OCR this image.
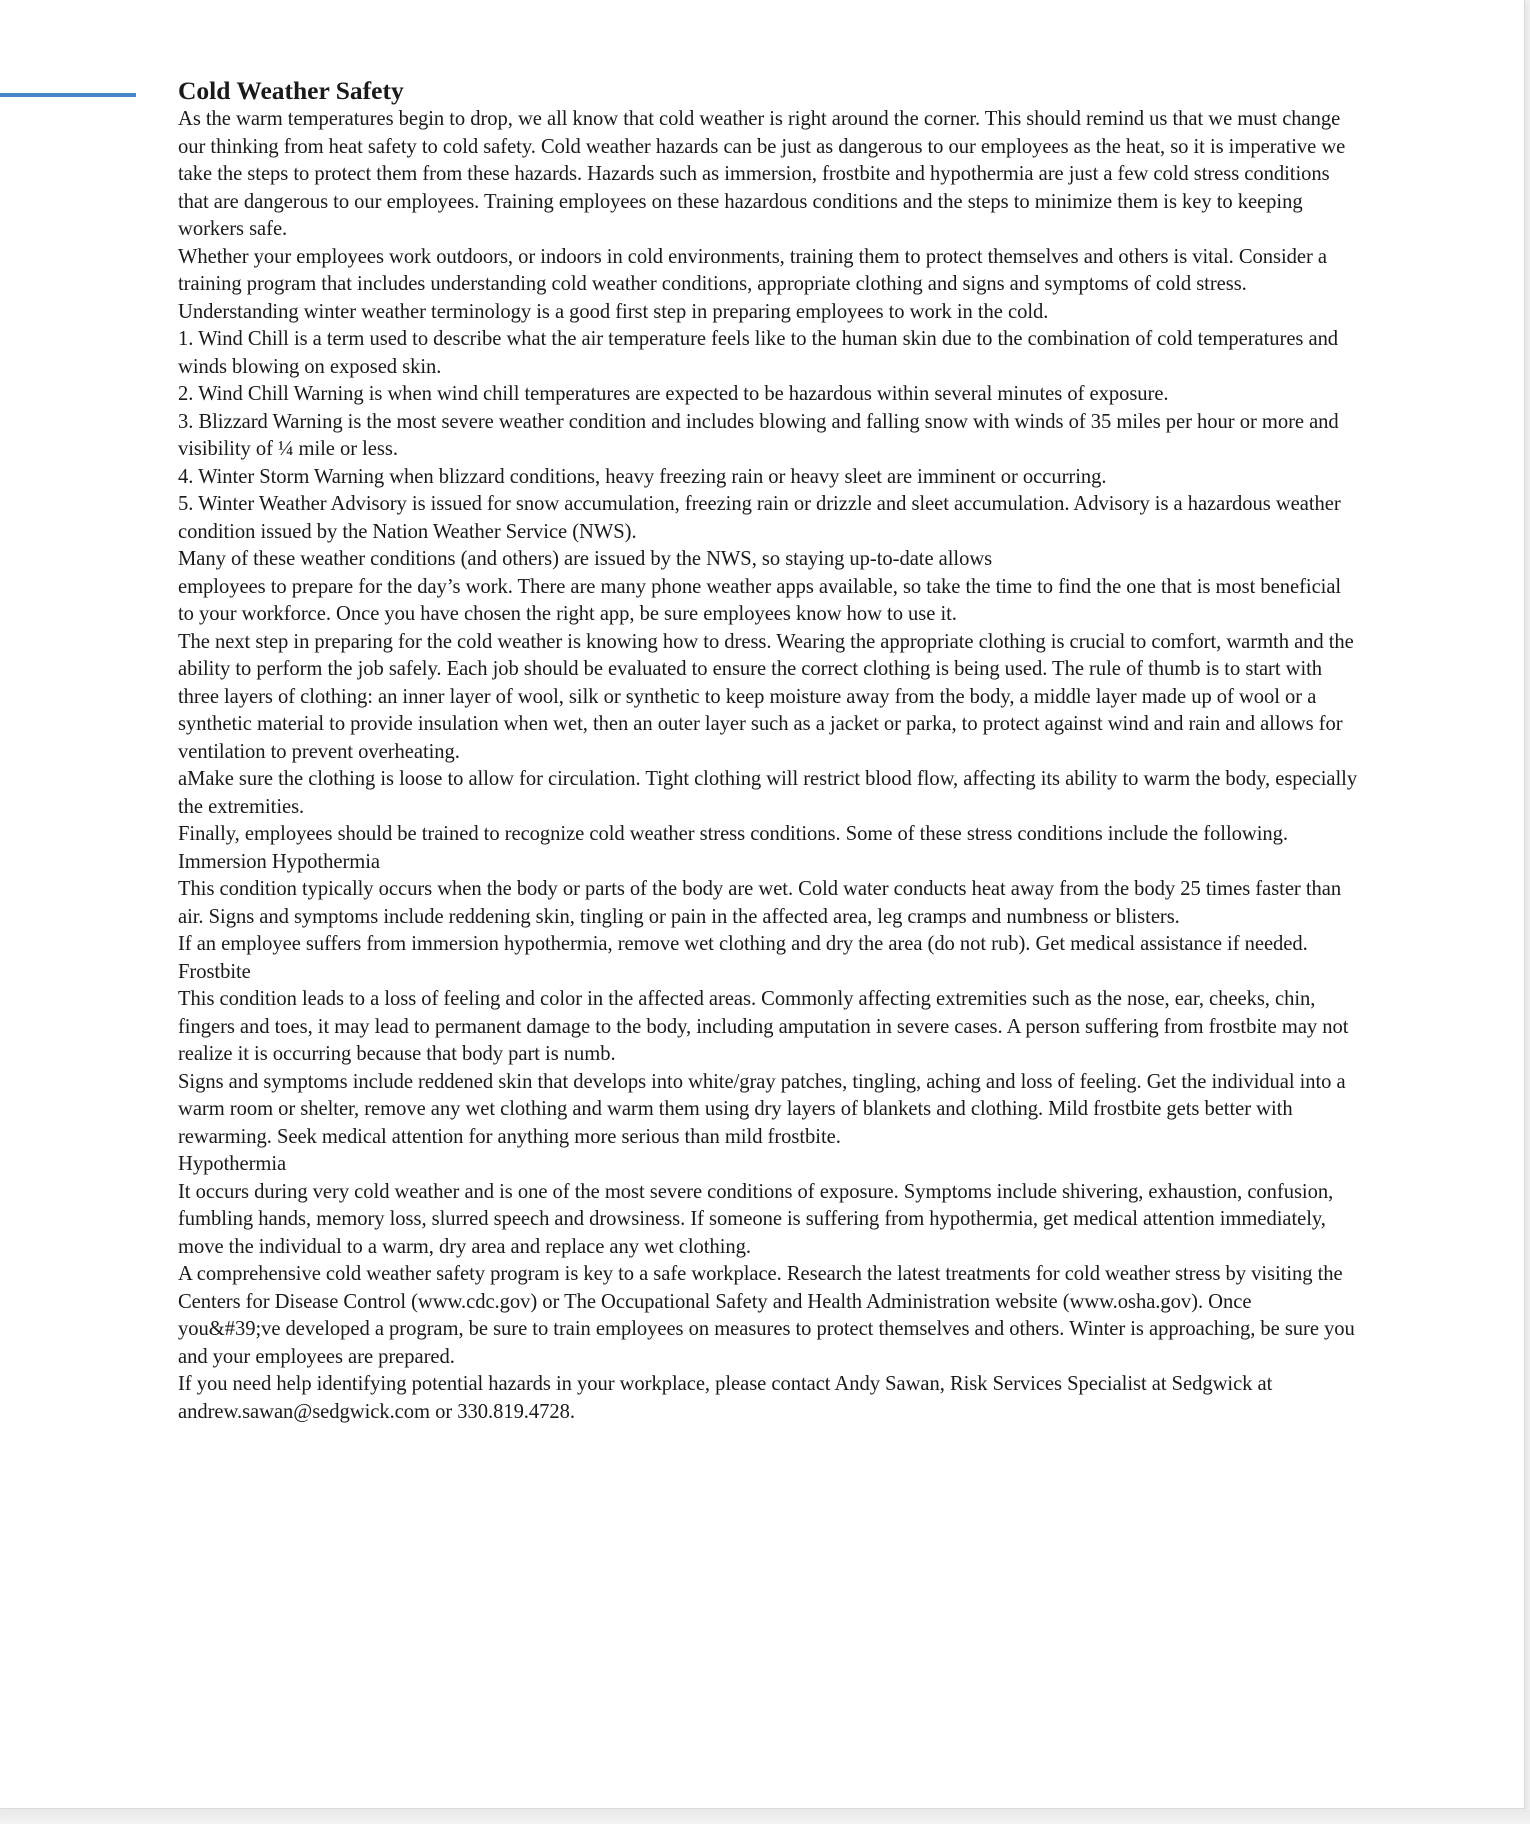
Cold Weather Safety

As the warm temperatures begin to drop, we all know that cold weather is right around the corner. This should remind us that we must change our thinking from heat safety to cold safety. Cold weather hazards can be just as dangerous to our employees as the heat, so it is imperative we take the steps to protect them from these hazards. Hazards such as immersion, frostbite and hypothermia are just a few cold stress conditions that are dangerous to our employees. Training employees on these hazardous conditions and the steps to minimize them is key to keeping workers safe.

Whether your employees work outdoors, or indoors in cold environments, training them to protect themselves and others is vital. Consider a training program that includes understanding cold weather conditions, appropriate clothing and signs and symptoms of cold stress.

Understanding winter weather terminology is a good first step in preparing employees to work in the cold.

1. Wind Chill is a term used to describe what the air temperature feels like to the human skin due to the combination of cold temperatures and winds blowing on exposed skin.

2. Wind Chill Warning is when wind chill temperatures are expected to be hazardous within several minutes of exposure.

3. Blizzard Warning is the most severe weather condition and includes blowing and falling snow with winds of 35 miles per hour or more and visibility of ¼ mile or less.

4. Winter Storm Warning when blizzard conditions, heavy freezing rain or heavy sleet are imminent or occurring.

5. Winter Weather Advisory is issued for snow accumulation, freezing rain or drizzle and sleet accumulation. Advisory is a hazardous weather condition issued by the Nation Weather Service (NWS).

Many of these weather conditions (and others) are issued by the NWS, so staying up-to-date allows

employees to prepare for the day’s work. There are many phone weather apps available, so take the time to find the one that is most beneficial to your workforce. Once you have chosen the right app, be sure employees know how to use it.

The next step in preparing for the cold weather is knowing how to dress. Wearing the appropriate clothing is crucial to comfort, warmth and the ability to perform the job safely. Each job should be evaluated to ensure the correct clothing is being used. The rule of thumb is to start with three layers of clothing: an inner layer of wool, silk or synthetic to keep moisture away from the body, a middle layer made up of wool or a synthetic material to provide insulation when wet, then an outer layer such as a jacket or parka, to protect against wind and rain and allows for ventilation to prevent overheating.

aMake sure the clothing is loose to allow for circulation. Tight clothing will restrict blood flow, affecting its ability to warm the body, especially the extremities.

Finally, employees should be trained to recognize cold weather stress conditions. Some of these stress conditions include the following.

Immersion Hypothermia

This condition typically occurs when the body or parts of the body are wet. Cold water conducts heat away from the body 25 times faster than air. Signs and symptoms include reddening skin, tingling or pain in the affected area, leg cramps and numbness or blisters.

If an employee suffers from immersion hypothermia, remove wet clothing and dry the area (do not rub). Get medical assistance if needed.

Frostbite

This condition leads to a loss of feeling and color in the affected areas. Commonly affecting extremities such as the nose, ear, cheeks, chin, fingers and toes, it may lead to permanent damage to the body, including amputation in severe cases. A person suffering from frostbite may not realize it is occurring because that body part is numb.

Signs and symptoms include reddened skin that develops into white/gray patches, tingling, aching and loss of feeling. Get the individual into a warm room or shelter, remove any wet clothing and warm them using dry layers of blankets and clothing. Mild frostbite gets better with rewarming. Seek medical attention for anything more serious than mild frostbite.

Hypothermia

It occurs during very cold weather and is one of the most severe conditions of exposure. Symptoms include shivering, exhaustion, confusion, fumbling hands, memory loss, slurred speech and drowsiness. If someone is suffering from hypothermia, get medical attention immediately, move the individual to a warm, dry area and replace any wet clothing.

A comprehensive cold weather safety program is key to a safe workplace. Research the latest treatments for cold weather stress by visiting the Centers for Disease Control (www.cdc.gov) or The Occupational Safety and Health Administration website (www.osha.gov). Once you&#39;ve developed a program, be sure to train employees on measures to protect themselves and others. Winter is approaching, be sure you and your employees are prepared.

If you need help identifying potential hazards in your workplace, please contact Andy Sawan, Risk Services Specialist at Sedgwick at andrew.sawan@sedgwick.com or 330.819.4728.
